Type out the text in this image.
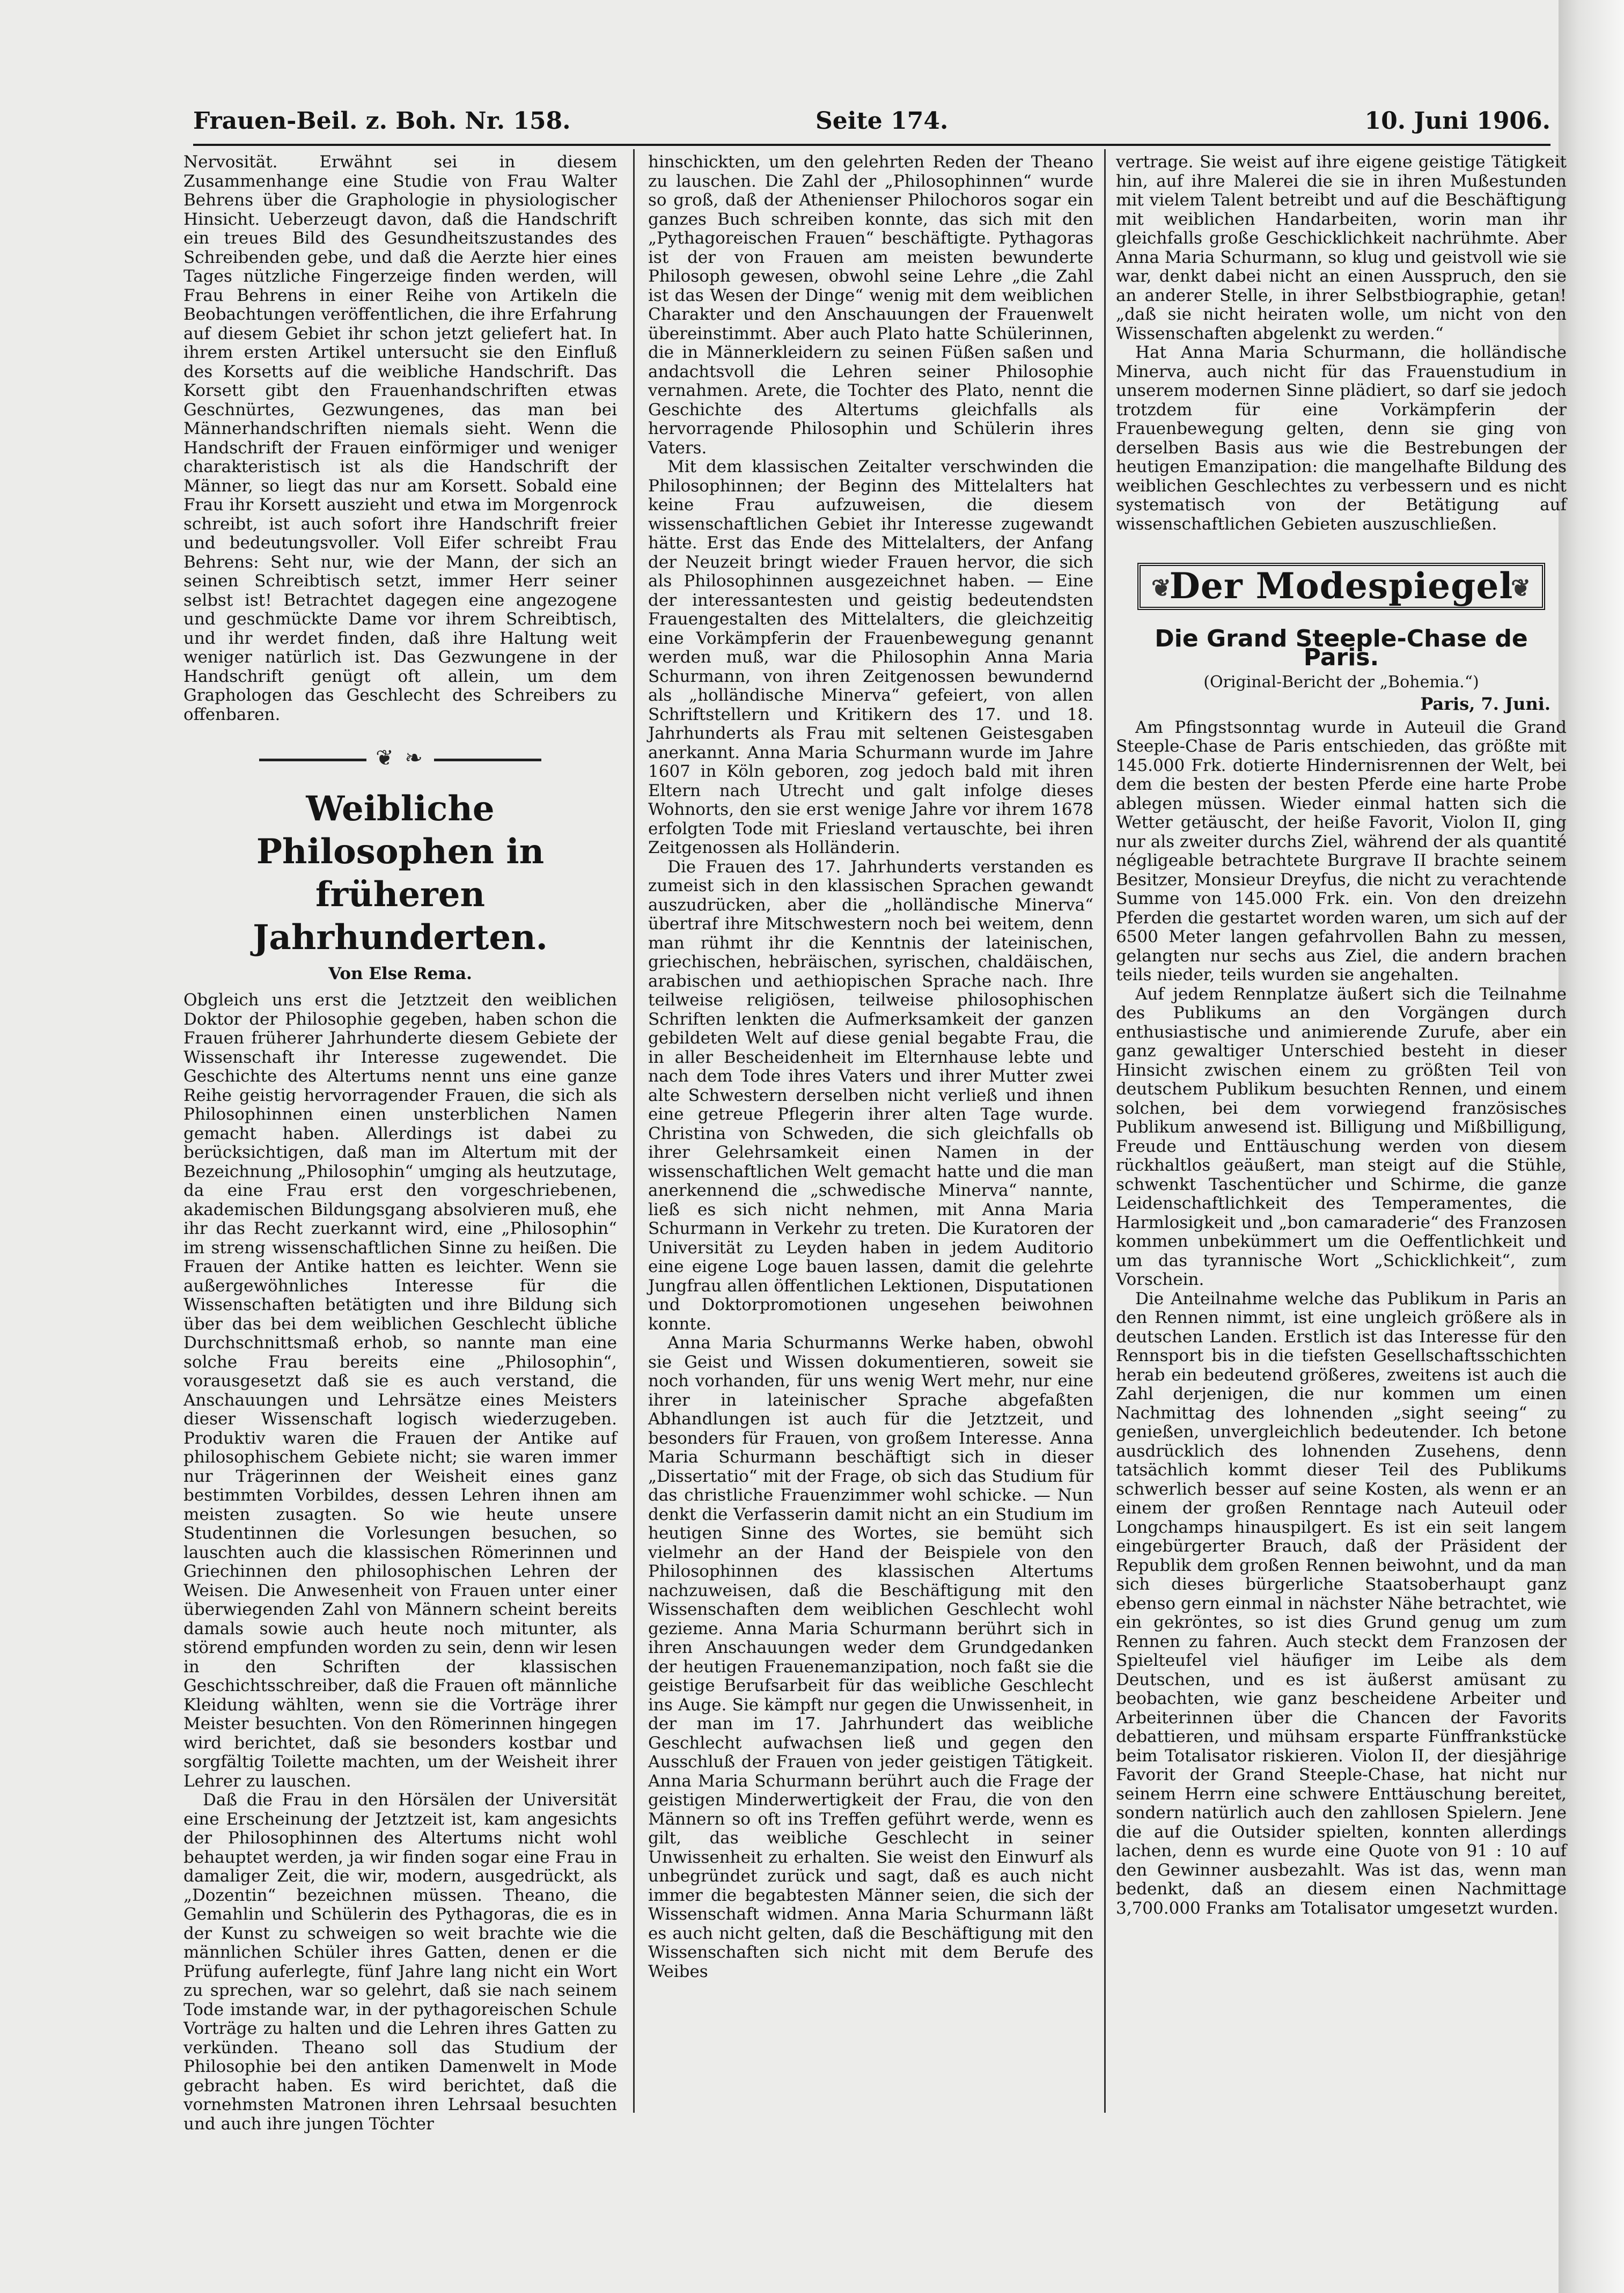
Frauen-Beil. z. Boh. Nr. 158.	Seite 174.	10. Juni 1906.

Nervosität. Erwähnt sei in diesem Zusammenhange eine Studie von Frau Walter Behrens über die Graphologie in physiologischer Hinsicht. Ueberzeugt davon, daß die Handschrift ein treues Bild des Gesundheitszustandes des Schreibenden gebe, und daß die Aerzte hier eines Tages nützliche Fingerzeige finden werden, will Frau Behrens in einer Reihe von Artikeln die Beobachtungen veröffentlichen, die ihre Erfahrung auf diesem Gebiet ihr schon jetzt geliefert hat. In ihrem ersten Artikel untersucht sie den Einfluß des Korsetts auf die weibliche Handschrift. Das Korsett gibt den Frauenhandschriften etwas Geschnürtes, Gezwungenes, das man bei Männerhandschriften niemals sieht. Wenn die Handschrift der Frauen einförmiger und weniger charakteristisch ist als die Handschrift der Männer, so liegt das nur am Korsett. Sobald eine Frau ihr Korsett auszieht und etwa im Morgenrock schreibt, ist auch sofort ihre Handschrift freier und bedeutungsvoller. Voll Eifer schreibt Frau Behrens: Seht nur, wie der Mann, der sich an seinen Schreibtisch setzt, immer Herr seiner selbst ist! Betrachtet dagegen eine angezogene und geschmückte Dame vor ihrem Schreibtisch, und ihr werdet finden, daß ihre Haltung weit weniger natürlich ist. Das Gezwungene in der Handschrift genügt oft allein, um dem Graphologen das Geschlecht des Schreibers zu offenbaren.

❦ ❧
Weibliche Philosophen in früheren Jahrhunderten.
Von Else Rema.

Obgleich uns erst die Jetztzeit den weiblichen Doktor der Philosophie gegeben, haben schon die Frauen früherer Jahrhunderte diesem Gebiete der Wissenschaft ihr Interesse zugewendet. Die Geschichte des Altertums nennt uns eine ganze Reihe geistig hervorragender Frauen, die sich als Philosophinnen einen unsterblichen Namen gemacht haben. Allerdings ist dabei zu berücksichtigen, daß man im Altertum mit der Bezeichnung „Philosophin“ umging als heutzutage, da eine Frau erst den vorgeschriebenen, akademischen Bildungsgang absolvieren muß, ehe ihr das Recht zuerkannt wird, eine „Philosophin“ im streng wissenschaftlichen Sinne zu heißen. Die Frauen der Antike hatten es leichter. Wenn sie außergewöhnliches Interesse für die Wissenschaften betätigten und ihre Bildung sich über das bei dem weiblichen Geschlecht übliche Durchschnittsmaß erhob, so nannte man eine solche Frau bereits eine „Philosophin“, vorausgesetzt daß sie es auch verstand, die Anschauungen und Lehrsätze eines Meisters dieser Wissenschaft logisch wiederzugeben. Produktiv waren die Frauen der Antike auf philosophischem Gebiete nicht; sie waren immer nur Trägerinnen der Weisheit eines ganz bestimmten Vorbildes, dessen Lehren ihnen am meisten zusagten. So wie heute unsere Studentinnen die Vorlesungen besuchen, so lauschten auch die klassischen Römerinnen und Griechinnen den philosophischen Lehren der Weisen. Die Anwesenheit von Frauen unter einer überwiegenden Zahl von Männern scheint bereits damals sowie auch heute noch mitunter, als störend empfunden worden zu sein, denn wir lesen in den Schriften der klassischen Geschichtsschreiber, daß die Frauen oft männliche Kleidung wählten, wenn sie die Vorträge ihrer Meister besuchten. Von den Römerinnen hingegen wird berichtet, daß sie besonders kostbar und sorgfältig Toilette machten, um der Weisheit ihrer Lehrer zu lauschen.

Daß die Frau in den Hörsälen der Universität eine Erscheinung der Jetztzeit ist, kam angesichts der Philosophinnen des Altertums nicht wohl behauptet werden, ja wir finden sogar eine Frau in damaliger Zeit, die wir, modern, ausgedrückt, als „Dozentin“ bezeichnen müssen. Theano, die Gemahlin und Schülerin des Pythagoras, die es in der Kunst zu schweigen so weit brachte wie die männlichen Schüler ihres Gatten, denen er die Prüfung auferlegte, fünf Jahre lang nicht ein Wort zu sprechen, war so gelehrt, daß sie nach seinem Tode imstande war, in der pythagoreischen Schule Vorträge zu halten und die Lehren ihres Gatten zu verkünden. Theano soll das Studium der Philosophie bei den antiken Damenwelt in Mode gebracht haben. Es wird berichtet, daß die vornehmsten Matronen ihren Lehrsaal besuchten und auch ihre jungen Töchter

hinschickten, um den gelehrten Reden der Theano zu lauschen. Die Zahl der „Philosophinnen“ wurde so groß, daß der Athenienser Philochoros sogar ein ganzes Buch schreiben konnte, das sich mit den „Pythagoreischen Frauen“ beschäftigte. Pythagoras ist der von Frauen am meisten bewunderte Philosoph gewesen, obwohl seine Lehre „die Zahl ist das Wesen der Dinge“ wenig mit dem weiblichen Charakter und den Anschauungen der Frauenwelt übereinstimmt. Aber auch Plato hatte Schülerinnen, die in Männerkleidern zu seinen Füßen saßen und andachtsvoll die Lehren seiner Philosophie vernahmen. Arete, die Tochter des Plato, nennt die Geschichte des Altertums gleichfalls als hervorragende Philosophin und Schülerin ihres Vaters.

Mit dem klassischen Zeitalter verschwinden die Philosophinnen; der Beginn des Mittelalters hat keine Frau aufzuweisen, die diesem wissenschaftlichen Gebiet ihr Interesse zugewandt hätte. Erst das Ende des Mittelalters, der Anfang der Neuzeit bringt wieder Frauen hervor, die sich als Philosophinnen ausgezeichnet haben. — Eine der interessantesten und geistig bedeutendsten Frauengestalten des Mittelalters, die gleichzeitig eine Vorkämpferin der Frauenbewegung genannt werden muß, war die Philosophin Anna Maria Schurmann, von ihren Zeitgenossen bewundernd als „holländische Minerva“ gefeiert, von allen Schriftstellern und Kritikern des 17. und 18. Jahrhunderts als Frau mit seltenen Geistesgaben anerkannt. Anna Maria Schurmann wurde im Jahre 1607 in Köln geboren, zog jedoch bald mit ihren Eltern nach Utrecht und galt infolge dieses Wohnorts, den sie erst wenige Jahre vor ihrem 1678 erfolgten Tode mit Friesland vertauschte, bei ihren Zeitgenossen als Holländerin.

Die Frauen des 17. Jahrhunderts verstanden es zumeist sich in den klassischen Sprachen gewandt auszudrücken, aber die „holländische Minerva“ übertraf ihre Mitschwestern noch bei weitem, denn man rühmt ihr die Kenntnis der lateinischen, griechischen, hebräischen, syrischen, chaldäischen, arabischen und aethiopischen Sprache nach. Ihre teilweise religiösen, teilweise philosophischen Schriften lenkten die Aufmerksamkeit der ganzen gebildeten Welt auf diese genial begabte Frau, die in aller Bescheidenheit im Elternhause lebte und nach dem Tode ihres Vaters und ihrer Mutter zwei alte Schwestern derselben nicht verließ und ihnen eine getreue Pflegerin ihrer alten Tage wurde. Christina von Schweden, die sich gleichfalls ob ihrer Gelehrsamkeit einen Namen in der wissenschaftlichen Welt gemacht hatte und die man anerkennend die „schwedische Minerva“ nannte, ließ es sich nicht nehmen, mit Anna Maria Schurmann in Verkehr zu treten. Die Kuratoren der Universität zu Leyden haben in jedem Auditorio eine eigene Loge bauen lassen, damit die gelehrte Jungfrau allen öffentlichen Lektionen, Disputationen und Doktorpromotionen ungesehen beiwohnen konnte.

Anna Maria Schurmanns Werke haben, obwohl sie Geist und Wissen dokumentieren, soweit sie noch vorhanden, für uns wenig Wert mehr, nur eine ihrer in lateinischer Sprache abgefaßten Abhandlungen ist auch für die Jetztzeit, und besonders für Frauen, von großem Interesse. Anna Maria Schurmann beschäftigt sich in dieser „Dissertatio“ mit der Frage, ob sich das Studium für das christliche Frauenzimmer wohl schicke. — Nun denkt die Verfasserin damit nicht an ein Studium im heutigen Sinne des Wortes, sie bemüht sich vielmehr an der Hand der Beispiele von den Philosophinnen des klassischen Altertums nachzuweisen, daß die Beschäftigung mit den Wissenschaften dem weiblichen Geschlecht wohl gezieme. Anna Maria Schurmann berührt sich in ihren Anschauungen weder dem Grundgedanken der heutigen Frauenemanzipation, noch faßt sie die geistige Berufsarbeit für das weibliche Geschlecht ins Auge. Sie kämpft nur gegen die Unwissenheit, in der man im 17. Jahrhundert das weibliche Geschlecht aufwachsen ließ und gegen den Ausschluß der Frauen von jeder geistigen Tätigkeit. Anna Maria Schurmann berührt auch die Frage der geistigen Minderwertigkeit der Frau, die von den Männern so oft ins Treffen geführt werde, wenn es gilt, das weibliche Geschlecht in seiner Unwissenheit zu erhalten. Sie weist den Einwurf als unbegründet zurück und sagt, daß es auch nicht immer die begabtesten Männer seien, die sich der Wissenschaft widmen. Anna Maria Schurmann läßt es auch nicht gelten, daß die Beschäftigung mit den Wissenschaften sich nicht mit dem Berufe des Weibes

vertrage. Sie weist auf ihre eigene geistige Tätigkeit hin, auf ihre Malerei die sie in ihren Mußestunden mit vielem Talent betreibt und auf die Beschäftigung mit weiblichen Handarbeiten, worin man ihr gleichfalls große Geschicklichkeit nachrühmte. Aber Anna Maria Schurmann, so klug und geistvoll wie sie war, denkt dabei nicht an einen Ausspruch, den sie an anderer Stelle, in ihrer Selbstbiographie, getan! „daß sie nicht heiraten wolle, um nicht von den Wissenschaften abgelenkt zu werden.“

Hat Anna Maria Schurmann, die holländische Minerva, auch nicht für das Frauenstudium in unserem modernen Sinne plädiert, so darf sie jedoch trotzdem für eine Vorkämpferin der Frauenbewegung gelten, denn sie ging von derselben Basis aus wie die Bestrebungen der heutigen Emanzipation: die mangelhafte Bildung des weiblichen Geschlechtes zu verbessern und es nicht systematisch von der Betätigung auf wissenschaftlichen Gebieten auszuschließen.

❦
Der Modespiegel
❦
Die Grand Steeple-Chase de Paris.
(Original-Bericht der „Bohemia.“)
Paris, 7. Juni.

Am Pfingstsonntag wurde in Auteuil die Grand Steeple-Chase de Paris entschieden, das größte mit 145.000 Frk. dotierte Hindernisrennen der Welt, bei dem die besten der besten Pferde eine harte Probe ablegen müssen. Wieder einmal hatten sich die Wetter getäuscht, der heiße Favorit, Violon II, ging nur als zweiter durchs Ziel, während der als quantité négligeable betrachtete Burgrave II brachte seinem Besitzer, Monsieur Dreyfus, die nicht zu verachtende Summe von 145.000 Frk. ein. Von den dreizehn Pferden die gestartet worden waren, um sich auf der 6500 Meter langen gefahrvollen Bahn zu messen, gelangten nur sechs aus Ziel, die andern brachen teils nieder, teils wurden sie angehalten.

Auf jedem Rennplatze äußert sich die Teilnahme des Publikums an den Vorgängen durch enthusiastische und animierende Zurufe, aber ein ganz gewaltiger Unterschied besteht in dieser Hinsicht zwischen einem zu größten Teil von deutschem Publikum besuchten Rennen, und einem solchen, bei dem vorwiegend französisches Publikum anwesend ist. Billigung und Mißbilligung, Freude und Enttäuschung werden von diesem rückhaltlos geäußert, man steigt auf die Stühle, schwenkt Taschentücher und Schirme, die ganze Leidenschaftlichkeit des Temperamentes, die Harmlosigkeit und „bon camaraderie“ des Franzosen kommen unbekümmert um die Oeffentlichkeit und um das tyrannische Wort „Schicklichkeit“, zum Vorschein.

Die Anteilnahme welche das Publikum in Paris an den Rennen nimmt, ist eine ungleich größere als in deutschen Landen. Erstlich ist das Interesse für den Rennsport bis in die tiefsten Gesellschaftsschichten herab ein bedeutend größeres, zweitens ist auch die Zahl derjenigen, die nur kommen um einen Nachmittag des lohnenden „sight seeing“ zu genießen, unvergleichlich bedeutender. Ich betone ausdrücklich des lohnenden Zusehens, denn tatsächlich kommt dieser Teil des Publikums schwerlich besser auf seine Kosten, als wenn er an einem der großen Renntage nach Auteuil oder Longchamps hinauspilgert. Es ist ein seit langem eingebürgerter Brauch, daß der Präsident der Republik dem großen Rennen beiwohnt, und da man sich dieses bürgerliche Staatsoberhaupt ganz ebenso gern einmal in nächster Nähe betrachtet, wie ein gekröntes, so ist dies Grund genug um zum Rennen zu fahren. Auch steckt dem Franzosen der Spielteufel viel häufiger im Leibe als dem Deutschen, und es ist äußerst amüsant zu beobachten, wie ganz bescheidene Arbeiter und Arbeiterinnen über die Chancen der Favorits debattieren, und mühsam ersparte Fünffrankstücke beim Totalisator riskieren. Violon II, der diesjährige Favorit der Grand Steeple-Chase, hat nicht nur seinem Herrn eine schwere Enttäuschung bereitet, sondern natürlich auch den zahllosen Spielern. Jene die auf die Outsider spielten, konnten allerdings lachen, denn es wurde eine Quote von 91 : 10 auf den Gewinner ausbezahlt. Was ist das, wenn man bedenkt, daß an diesem einen Nachmittage 3,700.000 Franks am Totalisator umgesetzt wurden.
